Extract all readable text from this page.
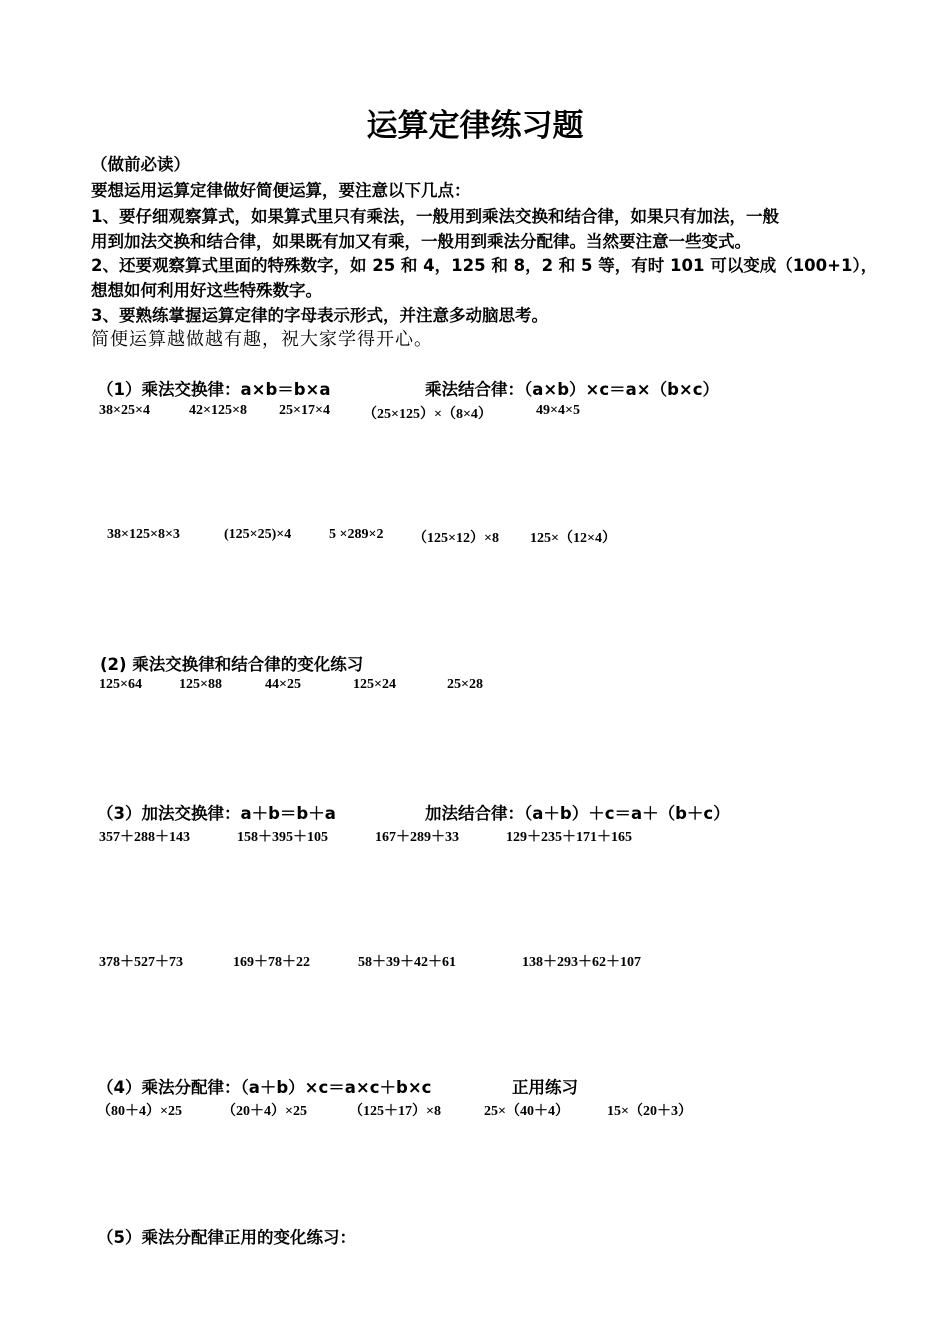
运算定律练习题
（做前必读）
要想运用运算定律做好简便运算，要注意以下几点：
1、要仔细观察算式，如果算式里只有乘法，一般用到乘法交换和结合律，如果只有加法，一般
用到加法交换和结合律，如果既有加又有乘，一般用到乘法分配律。当然要注意一些变式。
2、还要观察算式里面的特殊数字，如 25 和 4，125 和 8，2 和 5 等，有时 101 可以变成（100+1），
想想如何利用好这些特殊数字。
3、要熟练掌握运算定律的字母表示形式，并注意多动脑思考。
简便运算越做越有趣，祝大家学得开心。
（1）乘法交换律：a×b＝b×a	乘法结合律：（a×b）×c＝a×（b×c）
38×25×4	42×125×8 25×17×4 （25×125）×（8×4）	49×4×5
38×125×8×3	(125×25)×4	5 ×289×2 （125×12）×8 125×（12×4）
(2) 乘法交换律和结合律的变化练习
125×64	125×88	44×25	125×24	25×28
（3）加法交换律：a＋b＝b＋a	加法结合律：（a＋b）＋c＝a＋（b＋c）
357＋288＋143	158＋395＋105	167＋289＋33	129＋235＋171＋165
378＋527＋73	169＋78＋22	58＋39＋42＋61	138＋293＋62＋107
（4）乘法分配律：（a＋b）×c＝a×c＋b×c	正用练习
（80＋4）×25	（20＋4）×25	（125＋17）×8	25×（40＋4）	15×（20＋3）
（5）乘法分配律正用的变化练习：
